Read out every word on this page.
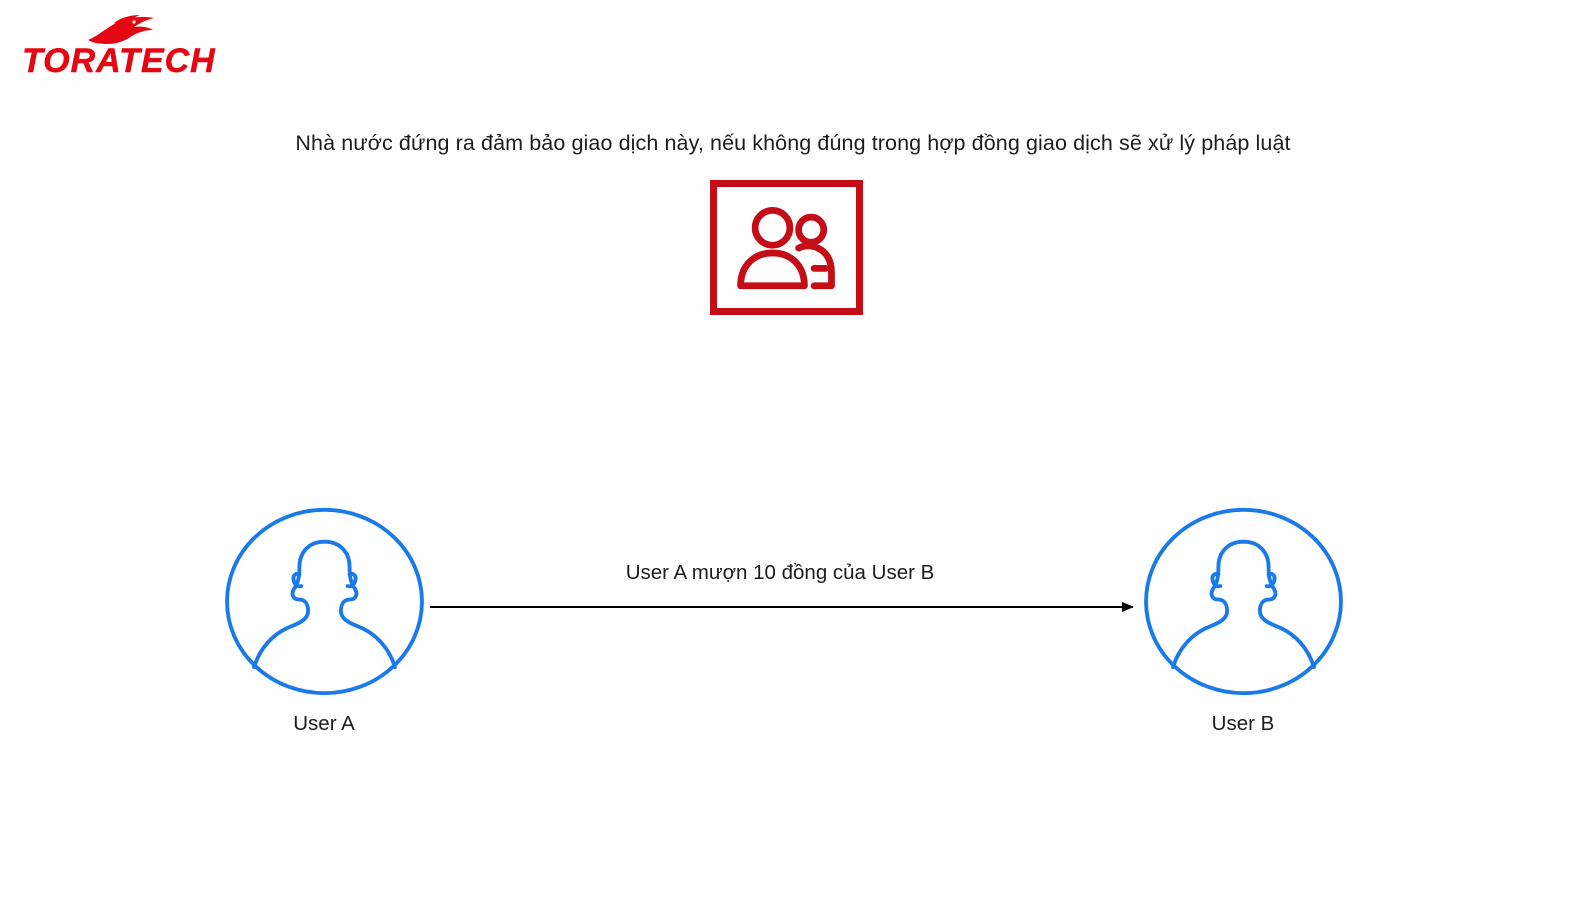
TORATECH
Nhà nước đứng ra đảm bảo giao dịch này, nếu không đúng trong hợp đồng giao dịch sẽ xử lý pháp luật
User A mượn 10 đồng của User B
User A	User B
